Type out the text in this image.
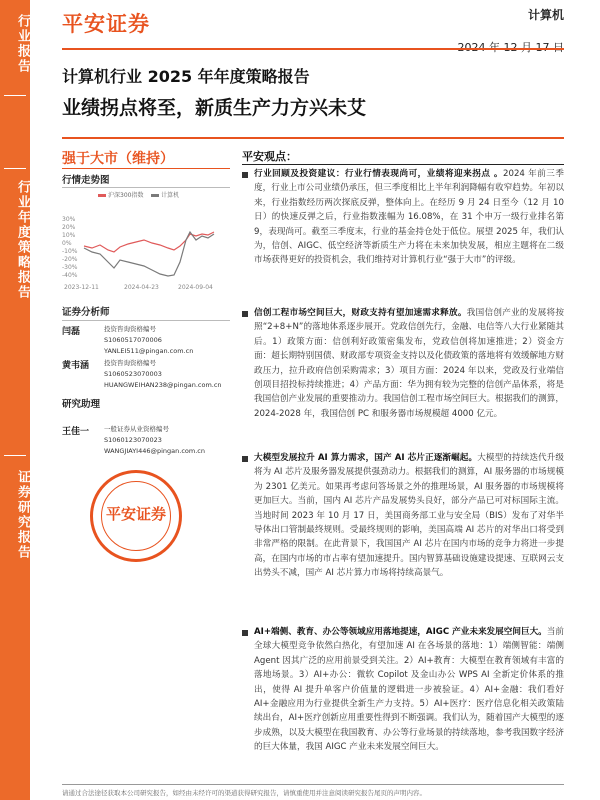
行业报告
行业年度策略报告
证券研究报告
平安证券	计算机
计算机行业 2025 年年度策略报告
业绩拐点将至，新质生产力方兴未艾
强于大市（维持）
行情走势图
沪深300指数	计算机
30%
20%
10%
0%
-10%
-20%
-30%
-40%
2023-12-11	2024-04-23	2024-09-04
证券分析师
闫磊	投资咨询资格编号
S1060517070006
YANLEI511@pingan.com.cn
黄韦涵 投资咨询资格编号
S1060523070003
HUANGWEIHAN238@pingan.com.cn
研究助理
王佳一 一般证券从业资格编号
S1060123070023
WANGJIAYI446@pingan.com.cn
平安证券
平安观点：
行业回顾及投资建议：行业行情表现尚可，业绩将迎来拐点 。2024 年前三季度，行业上市公司业绩仍承压，但三季度相比上半年利润降幅有收窄趋势。年初以来，行业指数经历两次探底反弹，整体向上。在经历 9 月 24 日至今（12 月 10 日）的快速反弹之后，行业指数涨幅为 16.08%，在 31 个申万一级行业排名第 9，表现尚可。截至三季度末，行业的基金持仓处于低位。展望 2025 年，我们认为，信创、AIGC、低空经济等新质生产力将在未来加快发展，相应主题将在二级市场获得更好的投资机会，我们维持对计算机行业“强于大市”的评级。
信创工程市场空间巨大，财政支持有望加速需求释放。我国信创产业的发展将按照“2+8+N”的落地体系逐步展开。党政信创先行，金融、电信等八大行业紧随其后。1）政策方面：信创利好政策密集发布，党政信创将加速推进；2）资金方面：超长期特别国债、财政部专项资金支持以及化债政策的落地将有效缓解地方财政压力，拉升政府信创采购需求；3）项目方面：2024 年以来，党政及行业端信创项目招投标持续推进；4）产品方面：华为拥有较为完整的信创产品体系，将是我国信创产业发展的重要推动力。我国信创工程市场空间巨大。根据我们的测算，2024-2028 年，我国信创 PC 和服务器市场规模超 4000 亿元。
大模型发展拉升 AI 算力需求，国产 AI 芯片正逐渐崛起。大模型的持续迭代升级将为 AI 芯片及服务器发展提供强劲动力。根据我们的测算，AI 服务器的市场规模为 2301 亿美元。如果再考虑问答场景之外的推理场景，AI 服务器的市场规模将更加巨大。当前，国内 AI 芯片产品发展势头良好，部分产品已可对标国际主流。当地时间 2023 年 10 月 17 日，美国商务部工业与安全局（BIS）发布了对华半导体出口管制最终规则。受最终规则的影响，美国高端 AI 芯片的对华出口将受到非常严格的限制。在此背景下，我国国产 AI 芯片在国内市场的竞争力将进一步提高，在国内市场的市占率有望加速提升。国内智算基础设施建设提速、互联网云支出势头不减，国产 AI 芯片算力市场将持续高景气。
AI+端侧、教育、办公等领域应用落地提速，AIGC 产业未来发展空间巨大。当前全球大模型竞争依然白热化，有望加速 AI 在各场景的落地：1）端侧智能：端侧 Agent 因其广泛的应用前景受到关注。2）AI+教育：大模型在教育领域有丰富的落地场景。3）AI+办公：微软 Copilot 及金山办公 WPS AI 全新定价体系的推出，使得 AI 提升单客户价值量的逻辑进一步被验证。4）AI+金融：我们看好 AI+金融应用为行业提供全新生产力支持。5）AI+医疗：医疗信息化相关政策陆续出台，AI+医疗创新应用重要性得到不断强调。我们认为，随着国产大模型的逐步成熟，以及大模型在我国教育、办公等行业场景的持续落地，参考我国数字经济的巨大体量，我国 AIGC 产业未来发展空间巨大。
请通过合法途径获取本公司研究报告，如经由未经许可的渠道获得研究报告，请慎重使用并注意阅读研究报告尾页的声明内容。
